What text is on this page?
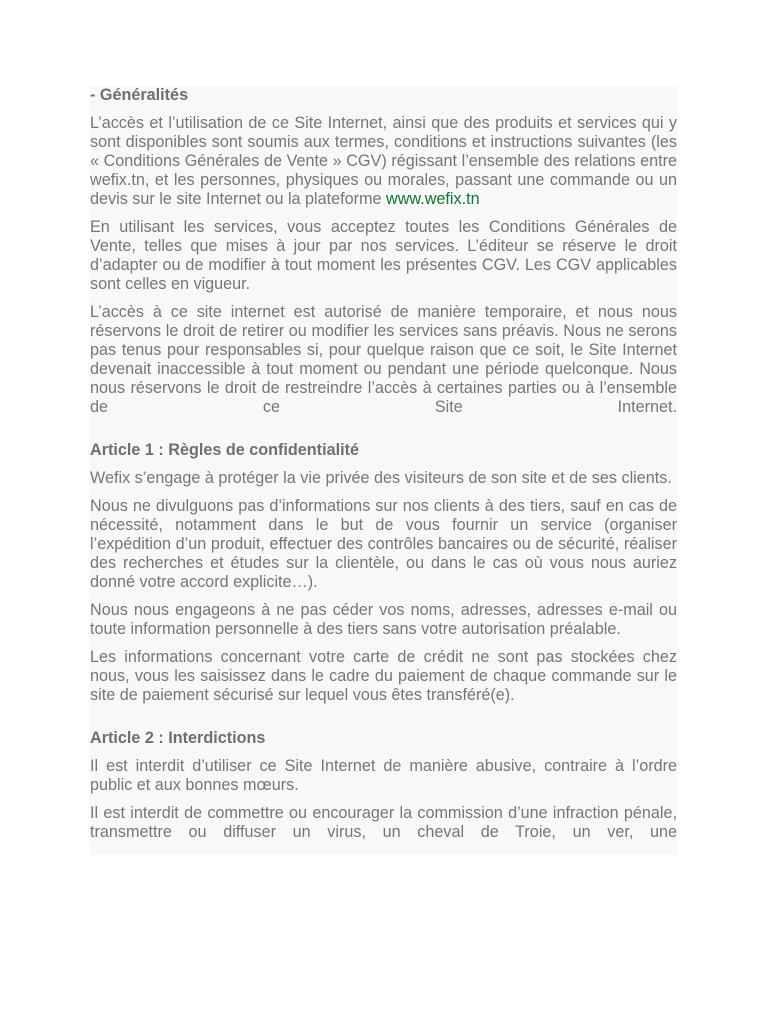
- Généralités

L’accès et l’utilisation de ce Site Internet, ainsi que des produits et services qui y sont disponibles sont soumis aux termes, conditions et instructions suivantes (les « Conditions Générales de Vente » CGV) régissant l’ensemble des relations entre wefix.tn, et les personnes, physiques ou morales, passant une commande ou un devis sur le site Internet ou la plateforme www.wefix.tn

En utilisant les services, vous acceptez toutes les Conditions Générales de Vente, telles que mises à jour par nos services. L’éditeur se réserve le droit d’adapter ou de modifier à tout moment les présentes CGV. Les CGV applicables sont celles en vigueur.

L’accès à ce site internet est autorisé de manière temporaire, et nous nous réservons le droit de retirer ou modifier les services sans préavis. Nous ne serons pas tenus pour responsables si, pour quelque raison que ce soit, le Site Internet devenait inaccessible à tout moment ou pendant une période quelconque. Nous nous réservons le droit de restreindre l’accès à certaines parties ou à l’ensemble de ce Site Internet.

Article 1 : Règles de confidentialité

Wefix s’engage à protéger la vie privée des visiteurs de son site et de ses clients.

Nous ne divulguons pas d’informations sur nos clients à des tiers, sauf en cas de nécessité, notamment dans le but de vous fournir un service (organiser l’expédition d’un produit, effectuer des contrôles bancaires ou de sécurité, réaliser des recherches et études sur la clientèle, ou dans le cas où vous nous auriez donné votre accord explicite…).

Nous nous engageons à ne pas céder vos noms, adresses, adresses e-mail ou toute information personnelle à des tiers sans votre autorisation préalable.

Les informations concernant votre carte de crédit ne sont pas stockées chez nous, vous les saisissez dans le cadre du paiement de chaque commande sur le site de paiement sécurisé sur lequel vous êtes transféré(e).

Article 2 : Interdictions

Il est interdit d’utiliser ce Site Internet de manière abusive, contraire à l’ordre public et aux bonnes mœurs.

Il est interdit de commettre ou encourager la commission d’une infraction pénale, transmettre ou diffuser un virus, un cheval de Troie, un ver, une
